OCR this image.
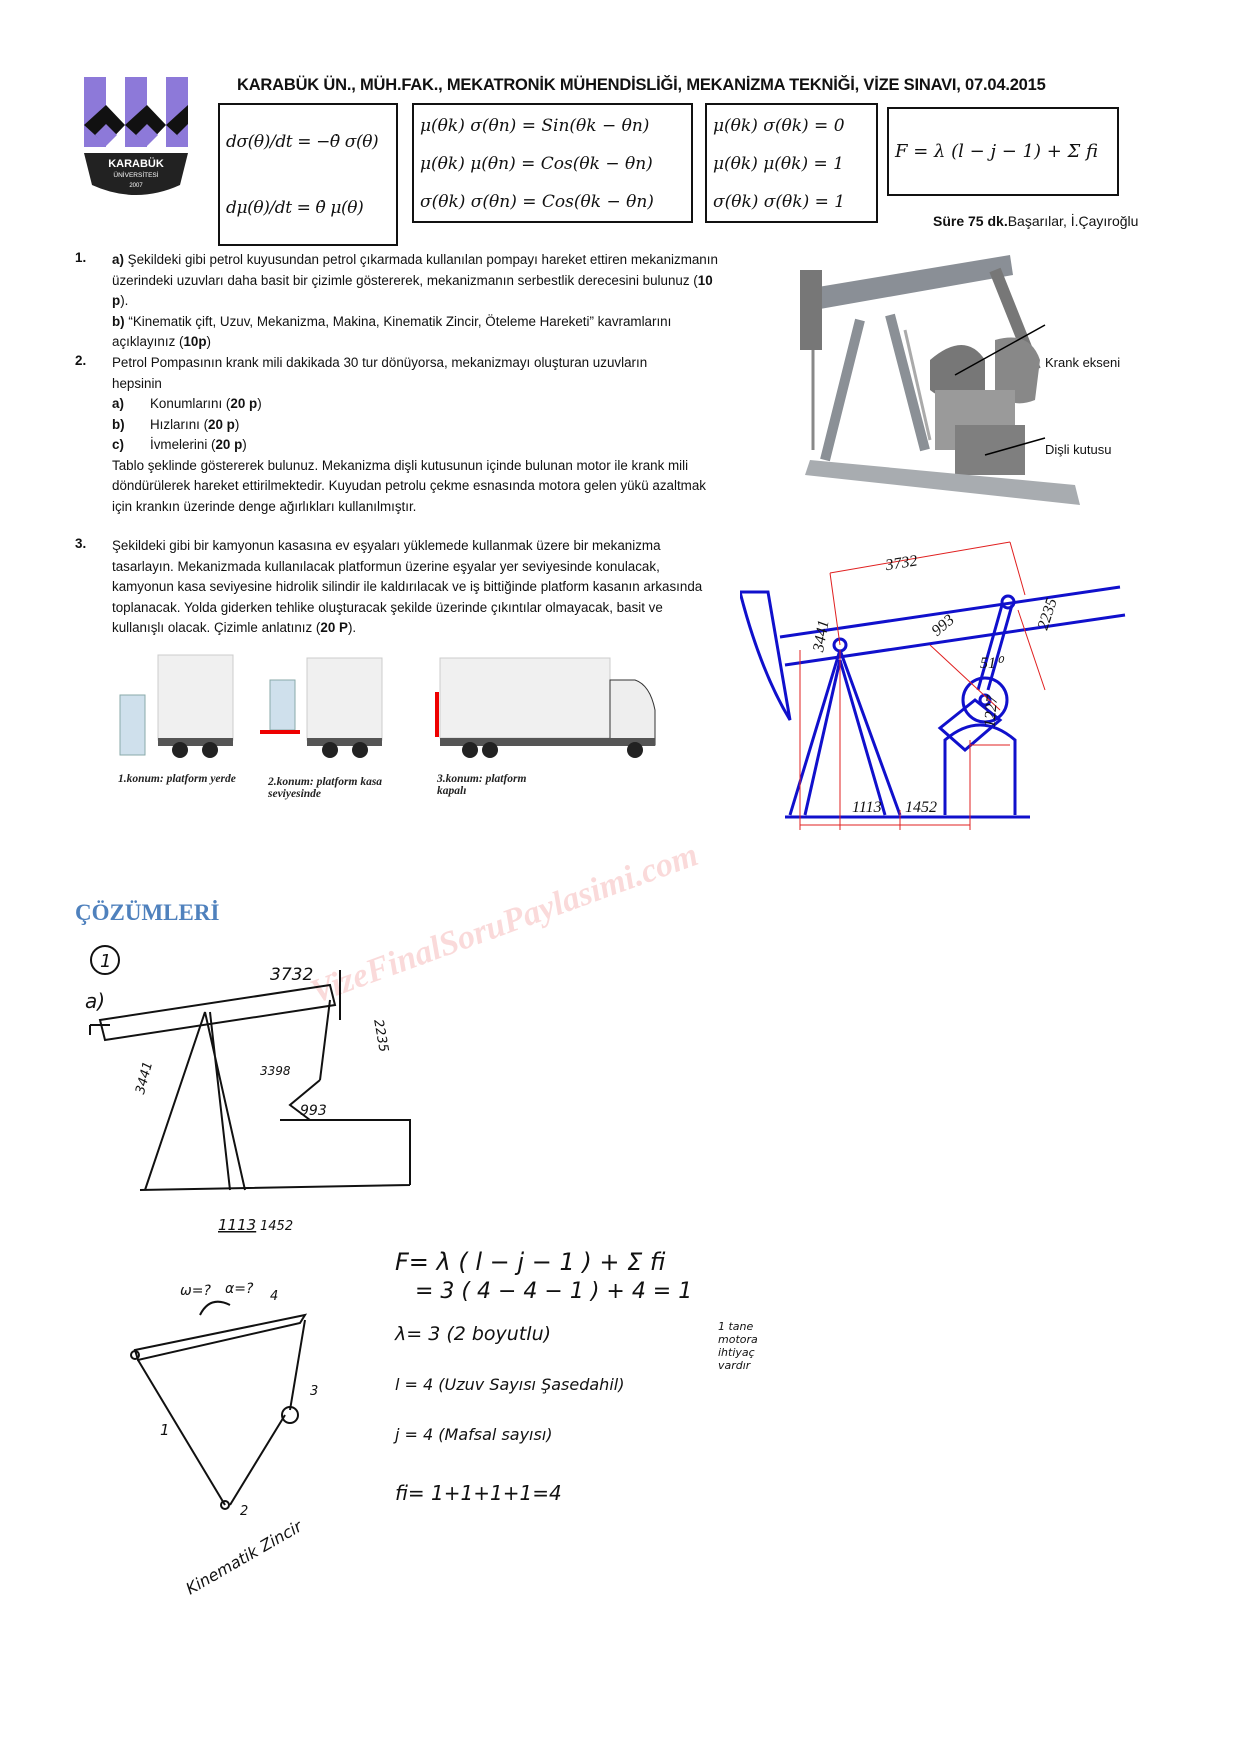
KARABÜK
ÜNİVERSİTESİ
2007
KARABÜK ÜN., MÜH.FAK., MEKATRONİK MÜHENDİSLİĞİ, MEKANİZMA TEKNİĞİ, VİZE SINAVI, 07.04.2015
dσ(θ)/dt = −θ̇ σ(θ)
dμ(θ)/dt = θ̇ μ(θ)
μ(θk) σ(θn) = Sin(θk − θn)
μ(θk) μ(θn) = Cos(θk − θn)
σ(θk) σ(θn) = Cos(θk − θn)
μ(θk) σ(θk) = 0
μ(θk) μ(θk) = 1
σ(θk) σ(θk) = 1
F = λ (l − j − 1) + Σ fi
Süre 75 dk.Başarılar, İ.Çayıroğlu
1. a) Şekildeki gibi petrol kuyusundan petrol çıkarmada kullanılan pompayı hareket ettiren mekanizmanın üzerindeki uzuvları daha basit bir çizimle göstererek, mekanizmanın serbestlik derecesini bulunuz (10 p).
b) “Kinematik çift, Uzuv, Mekanizma, Makina, Kinematik Zincir, Öteleme Hareketi” kavramlarını açıklayınız (10p)
2. Petrol Pompasının krank mili dakikada 30 tur dönüyorsa, mekanizmayı oluşturan uzuvların hepsinin
a)	Konumlarını (20 p)
b)	Hızlarını (20 p)
c)	İvmelerini (20 p)
Tablo şeklinde göstererek bulunuz. Mekanizma dişli kutusunun içinde bulunan motor ile krank mili döndürülerek hareket ettirilmektedir. Kuyudan petrolu çekme esnasında motora gelen yükü azaltmak için krankın üzerinde denge ağırlıkları kullanılmıştır.
3. Şekildeki gibi bir kamyonun kasasına ev eşyaları yüklemede kullanmak üzere bir mekanizma tasarlayın. Mekanizmada kullanılacak platformun üzerine eşyalar yer seviyesinde konulacak, kamyonun kasa seviyesine hidrolik silindir ile kaldırılacak ve iş bittiğinde platform kasanın arkasında toplanacak. Yolda giderken tehlike oluşturacak şekilde üzerinde çıkıntılar olmayacak, basit ve kullanışlı olacak. Çizimle anlatınız (20 P).
1.konum: platform yerde	2.konum: platform kasa seviyesinde
3.konum: platform kapalı
Krank ekseni
Dişli kutusu
3732
2235
3441	993
51⁰
1227
1113 1452
VizeFinalSoruPaylasimi.com
ÇÖZÜMLERİ
1
a)
3732
2235
3441	3398
993
1113 1452
ω=? α=?
1
2
3
4
Kinematik Zincir
F= λ ( l − j − 1 ) + Σ fi
= 3 ( 4 − 4 − 1 ) + 4 = 1
λ= 3 (2 boyutlu)
l = 4 (Uzuv Sayısı Şasedahil)
j = 4 (Mafsal sayısı)
fi= 1+1+1+1=4
1 tane motora ihtiyaç vardır
